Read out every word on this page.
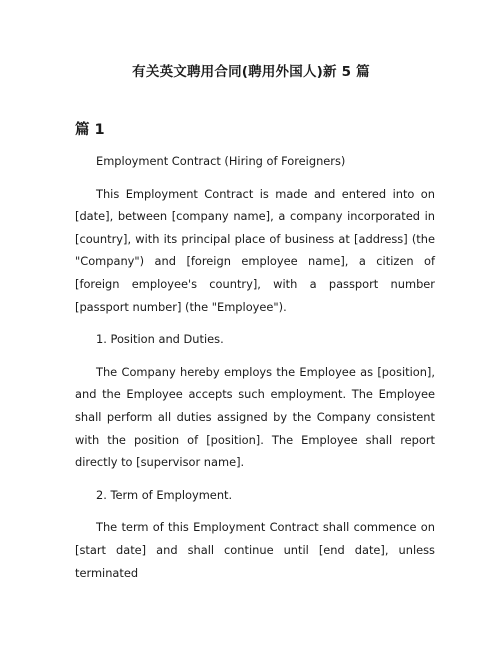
有关英文聘用合同(聘用外国人)新 5 篇
篇 1

Employment Contract (Hiring of Foreigners)

This Employment Contract is made and entered into on [date], between [company name], a company incorporated in [country], with its principal place of business at [address] (the "Company") and [foreign employee name], a citizen of [foreign employee's country], with a passport number [passport number] (the "Employee").

1. Position and Duties.

The Company hereby employs the Employee as [position], and the Employee accepts such employment. The Employee shall perform all duties assigned by the Company consistent with the position of [position]. The Employee shall report directly to [supervisor name].

2. Term of Employment.

The term of this Employment Contract shall commence on [start date] and shall continue until [end date], unless terminated
